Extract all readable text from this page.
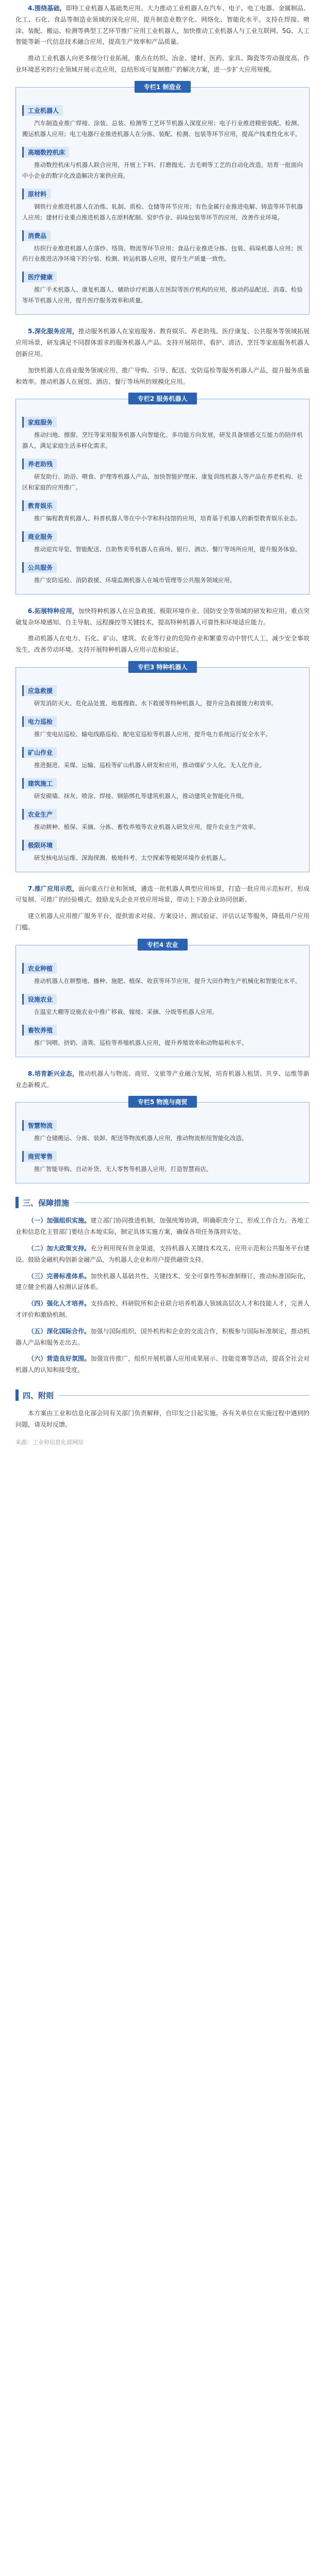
4.围绕基础，即特工业机器人基础类应用。大力推动工业机器人在汽车、电子、电工电器、金属制品、化工、石化、食品等制造业领域的深化应用，提升制造业数字化、网络化、智能化水平。支持在焊接、喷涂、装配、搬运、检测等典型工艺环节推广应用工业机器人，加快推动工业机器人与工业互联网、5G、人工智能等新一代信息技术融合应用，提高生产效率和产品质量。

推动工业机器人向更多细分行业拓展，重点在纺织、冶金、建材、医药、家具、陶瓷等劳动强度高、作业环境恶劣的行业领域开展示范应用，总结形成可复制推广的解决方案，进一步扩大应用规模。

专栏1 制造业
工业机器人

汽车制造业推广焊接、涂装、总装、检测等工艺环节机器人深度应用；电子行业推进精密装配、检测、搬运机器人应用；电工电器行业推进机器人在分拣、装配、检测、包装等环节应用，提高产线柔性化水平。

高端数控机床

推动数控机床与机器人联合应用，开展上下料、打磨抛光、去毛刺等工艺的自动化改造，培育一批面向中小企业的数字化改造解决方案供应商。

原材料

钢铁行业推进机器人在冶炼、轧制、质检、仓储等环节应用；有色金属行业推进电解、铸造等环节机器人应用；建材行业重点推进机器人在原料配制、窑炉作业、码垛包装等环节的应用，改善作业环境。

消费品

纺织行业推进机器人在落纱、络筒、物流等环节应用；食品行业推进分拣、包装、码垛机器人应用；医药行业推进洁净环境下的分装、检测、转运机器人应用，提升生产质量一致性。

医疗健康

推广手术机器人、康复机器人、辅助诊疗机器人在医院等医疗机构的应用，推动药品配送、消毒、检验等环节机器人应用，提升医疗服务效率和质量。

5.深化服务应用，推动服务机器人在家庭服务、教育娱乐、养老助残、医疗康复、公共服务等领域拓展应用场景，研发满足不同群体需求的服务机器人产品。支持开展陪伴、看护、清洁、烹饪等家庭服务机器人创新应用。

加快机器人在商业服务领域应用，推广导购、引导、配送、安防巡检等服务机器人产品，提升服务质量和效率。推动机器人在展馆、酒店、餐厅等场所的规模化应用。

专栏2 服务机器人
家庭服务

推动扫地、擦窗、烹饪等家用服务机器人向智能化、多功能方向发展，研发具备情感交互能力的陪伴机器人，满足家庭生活多样化需求。

养老助残

研发助行、助浴、喂食、护理等机器人产品，加快智能护理床、康复训练机器人等产品在养老机构、社区和家庭的应用推广。

教育娱乐

推广编程教育机器人、科普机器人等在中小学和科技馆的应用，培育基于机器人的新型教育娱乐业态。

商业服务

推动迎宾导览、智能配送、自助售卖等机器人在商场、银行、酒店、餐厅等场所应用，提升服务体验。

公共服务

推广安防巡检、消防救援、环境监测机器人在城市管理等公共服务领域应用。

6.拓展特种应用，加快特种机器人在应急救援、极限环境作业、国防安全等领域的研发和应用。重点突破复杂环境感知、自主导航、远程操控等关键技术，提高特种机器人可靠性和环境适应能力。

推动机器人在电力、石化、矿山、建筑、农业等行业的危险作业和繁重劳动中替代人工，减少安全事故发生，改善劳动环境。支持开展特种机器人应用示范和验证。

专栏3 特种机器人
应急救援

研发消防灭火、危化品处置、地震搜救、水下救援等特种机器人，提升应急救援能力和效率。

电力巡检

推广变电站巡检、输电线路巡检、配电室巡检等机器人应用，提升电力系统运行安全水平。

矿山作业

推进掘进、采煤、运输、巡检等矿山机器人研发和应用，推动煤矿少人化、无人化作业。

建筑施工

研发砌墙、抹灰、喷涂、焊接、钢筋绑扎等建筑机器人，推动建筑业智能化升级。

农业生产

推动耕种、植保、采摘、分拣、畜牧养殖等农业机器人研发应用，提升农业生产效率。

极限环境

研发核电站运维、深海探测、极地科考、太空探索等极限环境作业机器人。

7.推广应用示范，面向重点行业和领域，遴选一批机器人典型应用场景，打造一批应用示范标杆，形成可复制、可推广的经验模式。鼓励龙头企业开放应用场景，带动上下游企业协同创新。

建立机器人应用推广服务平台，提供需求对接、方案设计、测试验证、评估认证等服务，降低用户应用门槛。

专栏4 农业
农业种植

推动机器人在耕整地、播种、施肥、植保、收获等环节应用，提升大田作物生产机械化和智能化水平。

设施农业

在温室大棚等设施农业中推广移栽、嫁接、采摘、分级等机器人应用。

畜牧养殖

推广饲喂、挤奶、清粪、巡检等养殖机器人应用，提升养殖效率和动物福利水平。

8.培育新兴业态，推动机器人与物流、商贸、文旅等产业融合发展，培育机器人租赁、共享、运维等新业态新模式。

专栏5 物流与商贸
智慧物流

推广仓储搬运、分拣、装卸、配送等物流机器人应用，推动物流枢纽智能化改造。

商贸零售

推广智能导购、自动补货、无人零售等机器人应用，打造智慧商店。

三、保障措施

（一）加强组织实施。建立部门协同推进机制，加强统筹协调，明确职责分工，形成工作合力。各地工业和信息化主管部门要结合本地实际，制定具体实施方案，确保各项任务落到实处。

（二）加大政策支持。充分利用现有资金渠道，支持机器人关键技术攻关、应用示范和公共服务平台建设。鼓励金融机构创新金融产品，为机器人企业和用户提供融资支持。

（三）完善标准体系。加快机器人基础共性、关键技术、安全可靠性等标准制修订，推动标准国际化，建立健全机器人检测认证体系。

（四）强化人才培养。支持高校、科研院所和企业联合培养机器人领域高层次人才和技能人才，完善人才评价和激励机制。

（五）深化国际合作。加强与国际组织、国外机构和企业的交流合作，积极参与国际标准制定，推动机器人产品和服务走出去。

（六）营造良好氛围。加强宣传推广，组织开展机器人应用成果展示、技能竞赛等活动，提高全社会对机器人的认知和接受度。

四、附则

本方案由工业和信息化部会同有关部门负责解释，自印发之日起实施。各有关单位在实施过程中遇到的问题，请及时反馈。

来源：工业和信息化部网站
